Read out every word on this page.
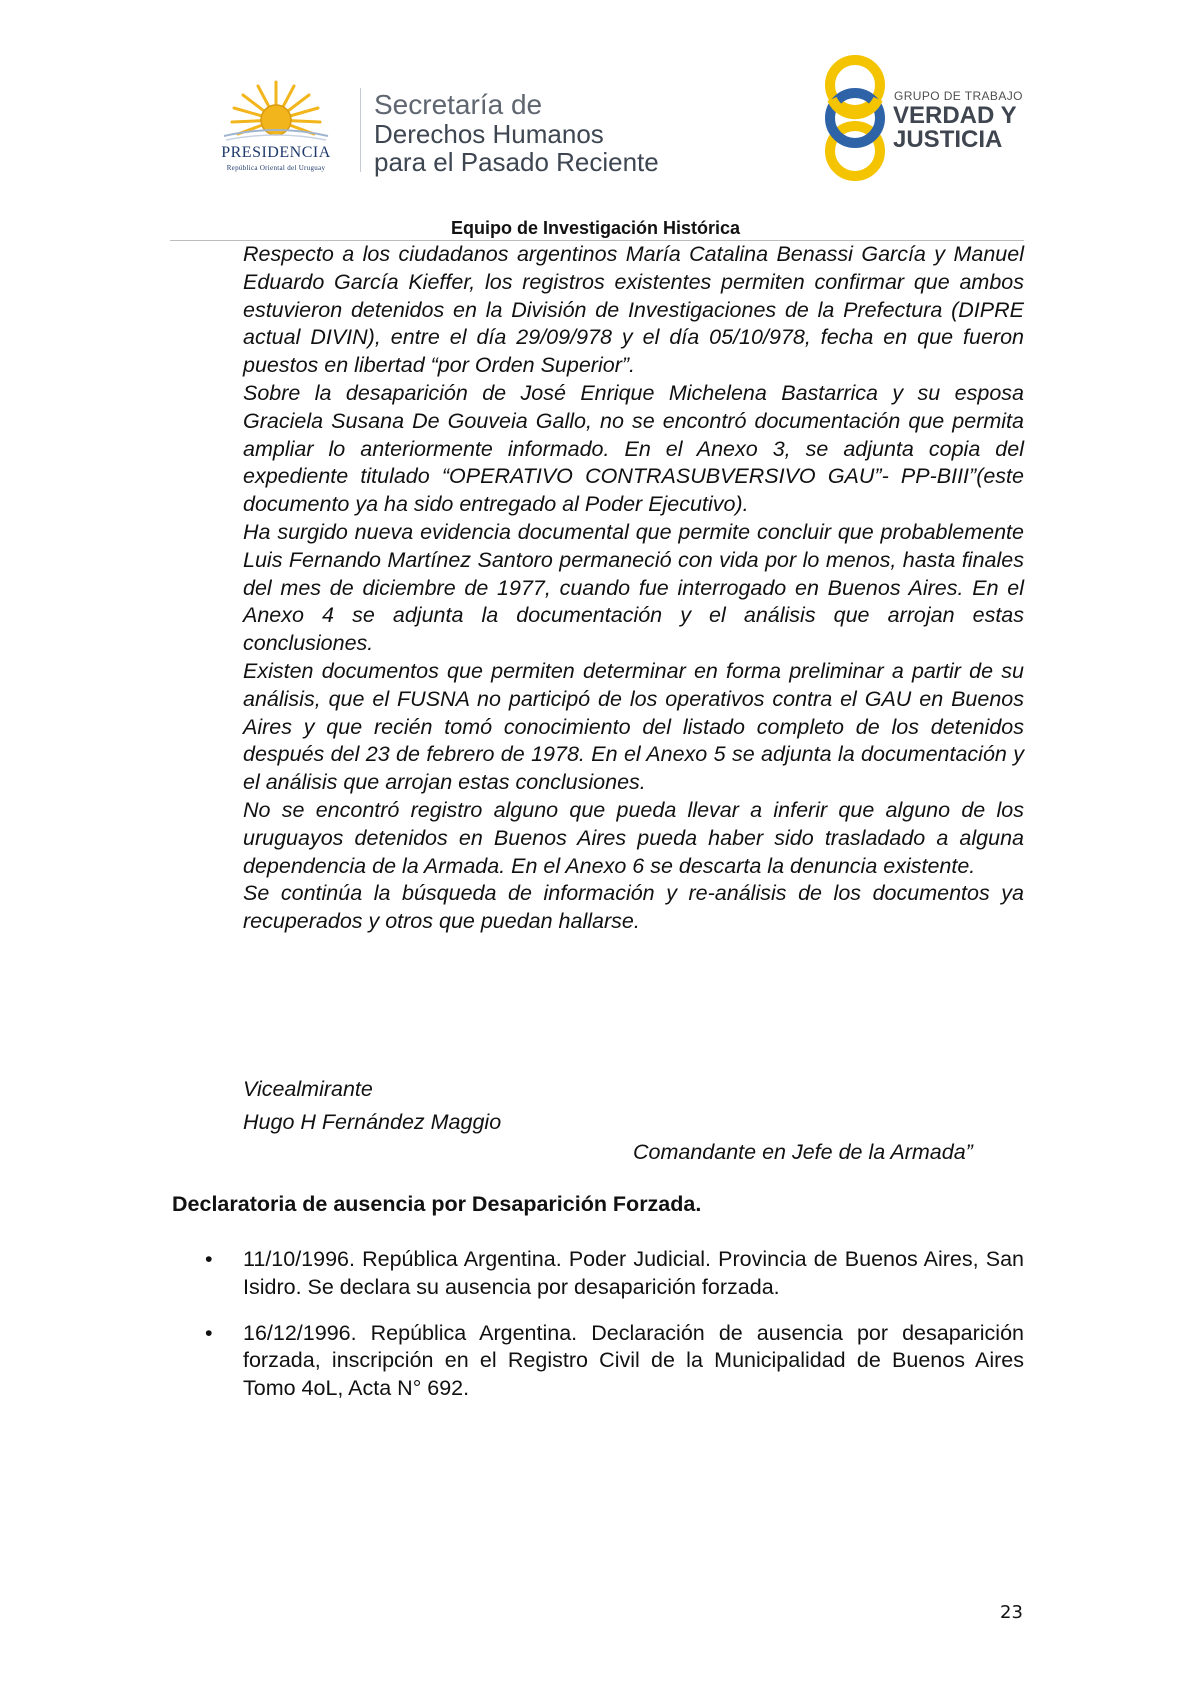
PRESIDENCIA
República Oriental del Uruguay
Secretaría de
Derechos Humanos
para el Pasado Reciente
GRUPO DE TRABAJO
VERDAD Y
JUSTICIA
Equipo de Investigación Histórica

Respecto a los ciudadanos argentinos María Catalina Benassi García y Manuel Eduardo García Kieffer, los registros existentes permiten confirmar que ambos estuvieron detenidos en la División de Investigaciones de la Prefectura (DIPRE actual DIVIN), entre el día 29/09/978 y el día 05/10/978, fecha en que fueron puestos en libertad “por Orden Superior”.

Sobre la desaparición de José Enrique Michelena Bastarrica y su esposa Graciela Susana De Gouveia Gallo, no se encontró documentación que permita ampliar lo anteriormente informado. En el Anexo 3, se adjunta copia del expediente titulado “OPERATIVO CONTRASUBVERSIVO GAU”- PP-BIII”(este documento ya ha sido entregado al Poder Ejecutivo).

Ha surgido nueva evidencia documental que permite concluir que probablemente Luis Fernando Martínez Santoro permaneció con vida por lo menos, hasta finales del mes de diciembre de 1977, cuando fue interrogado en Buenos Aires. En el Anexo 4 se adjunta la documentación y el análisis que arrojan estas conclusiones.

Existen documentos que permiten determinar en forma preliminar a partir de su análisis, que el FUSNA no participó de los operativos contra el GAU en Buenos Aires y que recién tomó conocimiento del listado completo de los detenidos después del 23 de febrero de 1978. En el Anexo 5 se adjunta la documentación y el análisis que arrojan estas conclusiones.

No se encontró registro alguno que pueda llevar a inferir que alguno de los uruguayos detenidos en Buenos Aires pueda haber sido trasladado a alguna dependencia de la Armada. En el Anexo 6 se descarta la denuncia existente.

Se continúa la búsqueda de información y re-análisis de los documentos ya recuperados y otros que puedan hallarse.

Vicealmirante
Hugo H Fernández Maggio
Comandante en Jefe de la Armada”
Declaratoria de ausencia por Desaparición Forzada.
• 11/10/1996. República Argentina. Poder Judicial. Provincia de Buenos Aires, San Isidro. Se declara su ausencia por desaparición forzada.
• 16/12/1996. República Argentina. Declaración de ausencia por desaparición forzada, inscripción en el Registro Civil de la Municipalidad de Buenos Aires Tomo 4oL, Acta N° 692.
23
